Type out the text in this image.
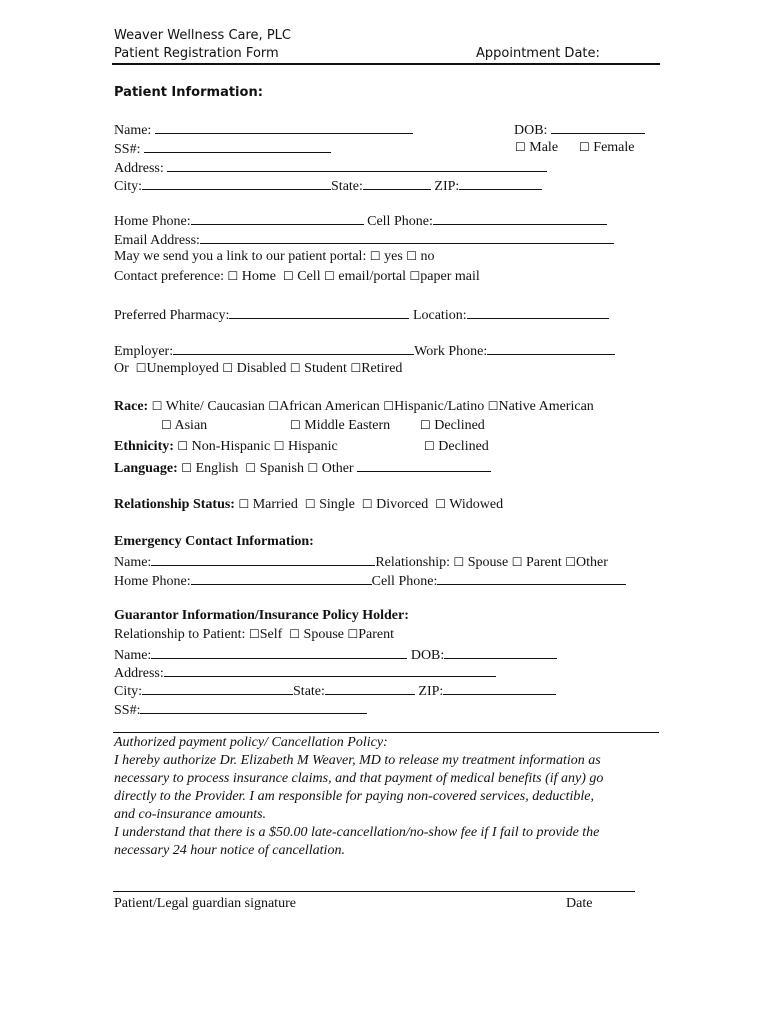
Weaver Wellness Care, PLC
Patient Registration Form	Appointment Date:
Patient Information:
Name:	DOB:
SS#:	☐ Male ☐ Female
Address:
City:	State:	ZIP:
Home Phone:	Cell Phone:
Email Address:
May we send you a link to our patient portal: ☐ yes ☐ no
Contact preference: ☐ Home ☐ Cell ☐ email/portal ☐paper mail
Preferred Pharmacy:	Location:
Employer:	Work Phone:
Or ☐Unemployed ☐ Disabled ☐ Student ☐Retired
Race: ☐ White/ Caucasian ☐African American ☐Hispanic/Latino ☐Native American
☐ Asian	☐ Middle Eastern ☐ Declined
Ethnicity: ☐ Non-Hispanic ☐ Hispanic	☐ Declined
Language: ☐ English ☐ Spanish ☐ Other
Relationship Status: ☐ Married ☐ Single ☐ Divorced ☐ Widowed
Emergency Contact Information:
Name:	Relationship: ☐ Spouse ☐ Parent ☐Other
Home Phone:	Cell Phone:
Guarantor Information/Insurance Policy Holder:
Relationship to Patient: ☐Self ☐ Spouse ☐Parent
Name:	DOB:
Address:
City:	State:	ZIP:
SS#:
Authorized payment policy/ Cancellation Policy:
I hereby authorize Dr. Elizabeth M Weaver, MD to release my treatment information as
necessary to process insurance claims, and that payment of medical benefits (if any) go
directly to the Provider. I am responsible for paying non-covered services, deductible,
and co-insurance amounts.
I understand that there is a $50.00 late-cancellation/no-show fee if I fail to provide the
necessary 24 hour notice of cancellation.
Patient/Legal guardian signature	Date
